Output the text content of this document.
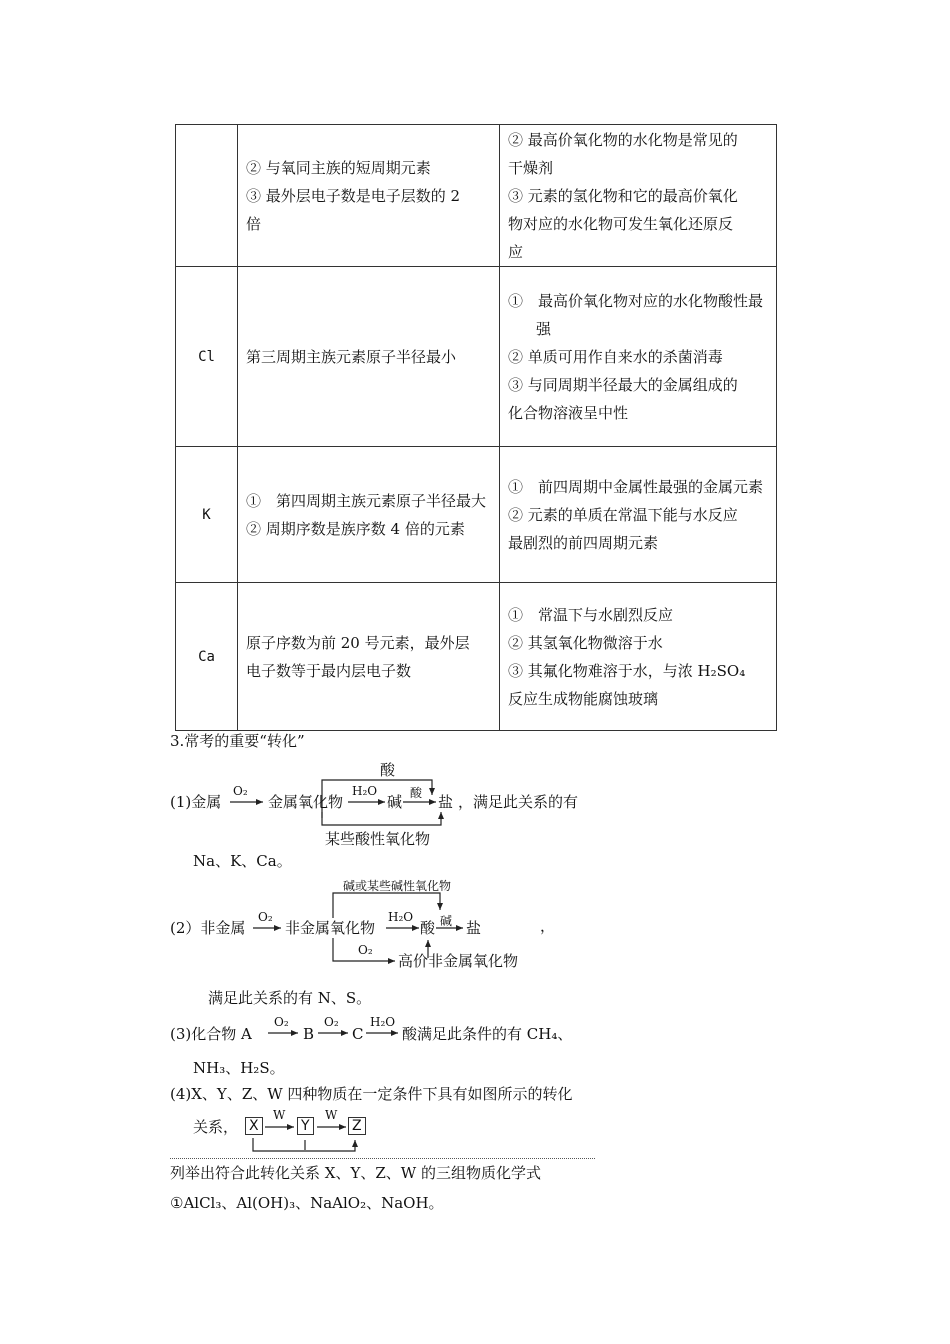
	② 与氧同主族的短周期元素
③ 最外层电子数是电子层数的 2
倍	② 最高价氧化物的水化物是常见的
干燥剂
③ 元素的氢化物和它的最高价氧化
物对应的水化物可发生氧化还原反
应

Cl	第三周期主族元素原子半径最小	①　最高价氧化物对应的水化物酸性最强
② 单质可用作自来水的杀菌消毒
③ 与同周期半径最大的金属组成的
化合物溶液呈中性

K	①　第四周期主族元素原子半径最大
② 周期序数是族序数 4 倍的元素	①　前四周期中金属性最强的金属元素
② 元素的单质在常温下能与水反应
最剧烈的前四周期元素

Ca	原子序数为前 20 号元素，最外层
电子数等于最内层电子数	①　常温下与水剧烈反应
② 其氢氧化物微溶于水
③ 其氟化物难溶于水，与浓 H₂SO₄
反应生成物能腐蚀玻璃
3.常考的重要“转化”
(1)金属
O₂
金属氧化物
酸
H₂O
碱 酸 盐 ，满足此关系的有
某些酸性氧化物
Na、K、Ca。
(2）非金属
O₂
非金属氧化物
碱或某些碱性氧化物
H₂O
酸 碱 盐	，
O₂
高价非金属氧化物
满足此关系的有 N、S。
(3)化合物 A
O₂
B
O₂
C
H₂O
酸满足此条件的有 CH₄、
NH₃、H₂S。
(4)X、Y、Z、W 四种物质在一定条件下具有如图所示的转化
关系， X
W
Y
W
Z
列举出符合此转化关系 X、Y、Z、W 的三组物质化学式
①AlCl₃、Al(OH)₃、NaAlO₂、NaOH。
